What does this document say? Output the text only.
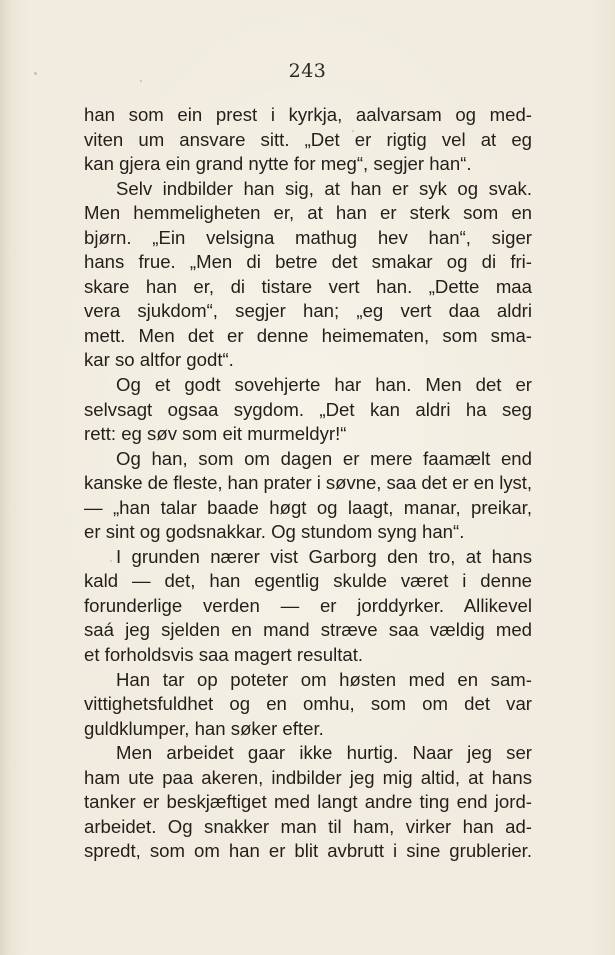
243
han som ein prest i kyrkja, aalvarsam og med-
viten um ansvare sitt. „Det er rigtig vel at eg
kan gjera ein grand nytte for meg“, segjer han“.
Selv indbilder han sig, at han er syk og svak.
Men hemmeligheten er, at han er sterk som en
bjørn. „Ein velsigna mathug hev han“, siger
hans frue. „Men di betre det smakar og di fri-
skare han er, di tistare vert han. „Dette maa
vera sjukdom“, segjer han; „eg vert daa aldri
mett. Men det er denne heimematen, som sma-
kar so altfor godt“.
Og et godt sovehjerte har han. Men det er
selvsagt ogsaa sygdom. „Det kan aldri ha seg
rett: eg søv som eit murmeldyr!“
Og han, som om dagen er mere faamælt end
kanske de fleste, han prater i søvne, saa det er en lyst,
— „han talar baade høgt og laagt, manar, preikar,
er sint og godsnakkar. Og stundom syng han“.
I grunden nærer vist Garborg den tro, at hans
kald — det, han egentlig skulde været i denne
forunderlige verden — er jorddyrker. Allikevel
saá jeg sjelden en mand stræve saa vældig med
et forholdsvis saa magert resultat.
Han tar op poteter om høsten med en sam-
vittighetsfuldhet og en omhu, som om det var
guldklumper, han søker efter.
Men arbeidet gaar ikke hurtig. Naar jeg ser
ham ute paa akeren, indbilder jeg mig altid, at hans
tanker er beskjæftiget med langt andre ting end jord-
arbeidet. Og snakker man til ham, virker han ad-
spredt, som om han er blit avbrutt i sine grublerier.
